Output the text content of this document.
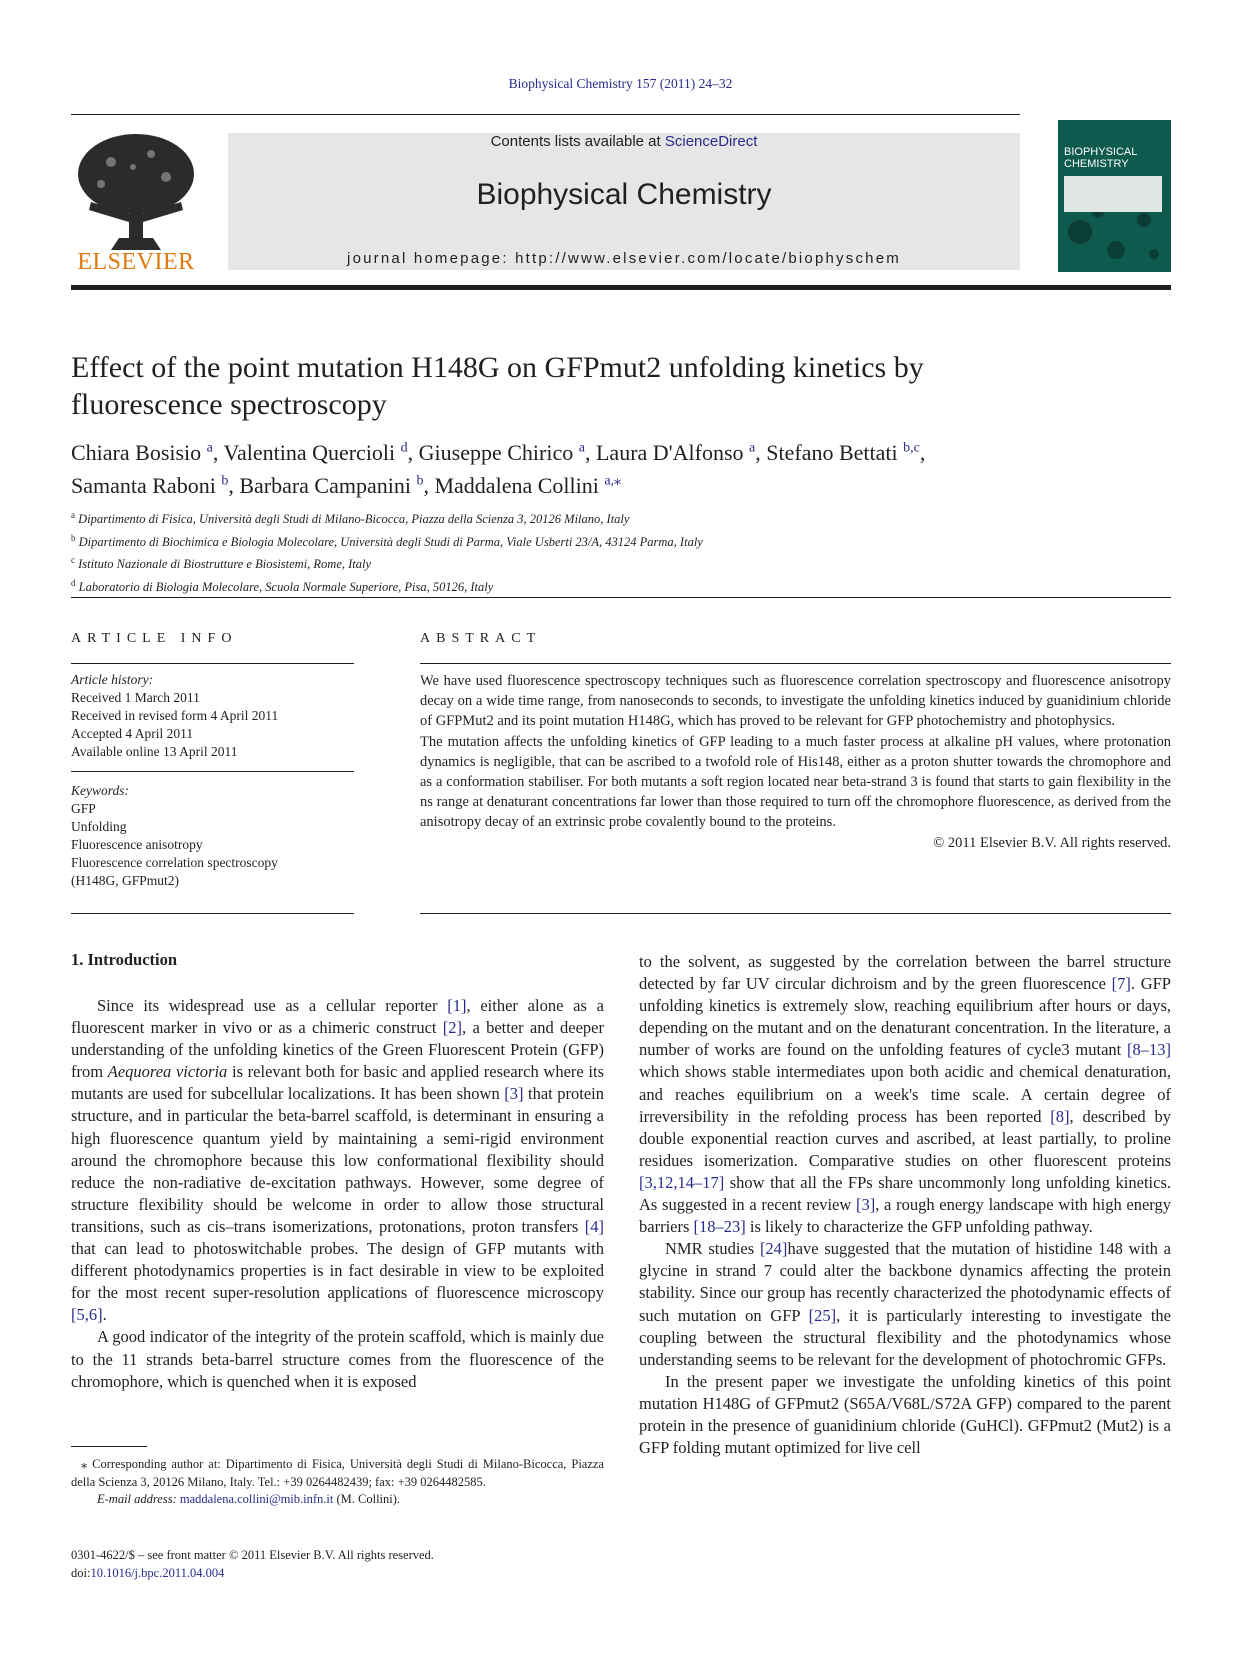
Biophysical Chemistry 157 (2011) 24–32
ELSEVIER
Contents lists available at ScienceDirect
Biophysical Chemistry
journal homepage: http://www.elsevier.com/locate/biophyschem
BIOPHYSICAL CHEMISTRY
Effect of the point mutation H148G on GFPmut2 unfolding kinetics by
fluorescence spectroscopy
Chiara Bosisio $^a$, Valentina Quercioli $^d$, Giuseppe Chirico $^a$, Laura D'Alfonso $^a$, Stefano Bettati $^{b,c}$,
Samanta Raboni $^b$, Barbara Campanini $^b$, Maddalena Collini $^{a,⁎}$
$^a$ Dipartimento di Fisica, Università degli Studi di Milano-Bicocca, Piazza della Scienza 3, 20126 Milano, Italy
$^b$ Dipartimento di Biochimica e Biologia Molecolare, Università degli Studi di Parma, Viale Usberti 23/A, 43124 Parma, Italy
$^c$ Istituto Nazionale di Biostrutture e Biosistemi, Rome, Italy
$^d$ Laboratorio di Biologia Molecolare, Scuola Normale Superiore, Pisa, 50126, Italy
ARTICLE INFO
Article history:
Received 1 March 2011
Received in revised form 4 April 2011
Accepted 4 April 2011
Available online 13 April 2011
Keywords:
GFP
Unfolding
Fluorescence anisotropy
Fluorescence correlation spectroscopy
(H148G, GFPmut2)
ABSTRACT

We have used fluorescence spectroscopy techniques such as fluorescence correlation spectroscopy and fluorescence anisotropy decay on a wide time range, from nanoseconds to seconds, to investigate the unfolding kinetics induced by guanidinium chloride of GFPMut2 and its point mutation H148G, which has proved to be relevant for GFP photochemistry and photophysics.

The mutation affects the unfolding kinetics of GFP leading to a much faster process at alkaline pH values, where protonation dynamics is negligible, that can be ascribed to a twofold role of His148, either as a proton shutter towards the chromophore and as a conformation stabiliser. For both mutants a soft region located near beta-strand 3 is found that starts to gain flexibility in the ns range at denaturant concentrations far lower than those required to turn off the chromophore fluorescence, as derived from the anisotropy decay of an extrinsic probe covalently bound to the proteins.

© 2011 Elsevier B.V. All rights reserved.

1. Introduction

Since its widespread use as a cellular reporter [1], either alone as a fluorescent marker in vivo or as a chimeric construct [2], a better and deeper understanding of the unfolding kinetics of the Green Fluorescent Protein (GFP) from Aequorea victoria is relevant both for basic and applied research where its mutants are used for subcellular localizations. It has been shown [3] that protein structure, and in particular the beta-barrel scaffold, is determinant in ensuring a high fluorescence quantum yield by maintaining a semi-rigid environment around the chromophore because this low conformational flexibility should reduce the non-radiative de-excitation pathways. However, some degree of structure flexibility should be welcome in order to allow those structural transitions, such as cis–trans isomerizations, protonations, proton transfers [4] that can lead to photoswitchable probes. The design of GFP mutants with different photodynamics properties is in fact desirable in view to be exploited for the most recent super-resolution applications of fluorescence microscopy [5,6].

A good indicator of the integrity of the protein scaffold, which is mainly due to the 11 strands beta-barrel structure comes from the fluorescence of the chromophore, which is quenched when it is exposed

to the solvent, as suggested by the correlation between the barrel structure detected by far UV circular dichroism and by the green fluorescence [7]. GFP unfolding kinetics is extremely slow, reaching equilibrium after hours or days, depending on the mutant and on the denaturant concentration. In the literature, a number of works are found on the unfolding features of cycle3 mutant [8–13] which shows stable intermediates upon both acidic and chemical denaturation, and reaches equilibrium on a week's time scale. A certain degree of irreversibility in the refolding process has been reported [8], described by double exponential reaction curves and ascribed, at least partially, to proline residues isomerization. Comparative studies on other fluorescent proteins [3,12,14–17] show that all the FPs share uncommonly long unfolding kinetics. As suggested in a recent review [3], a rough energy landscape with high energy barriers [18–23] is likely to characterize the GFP unfolding pathway.

NMR studies [24]have suggested that the mutation of histidine 148 with a glycine in strand 7 could alter the backbone dynamics affecting the protein stability. Since our group has recently characterized the photodynamic effects of such mutation on GFP [25], it is particularly interesting to investigate the coupling between the structural flexibility and the photodynamics whose understanding seems to be relevant for the development of photochromic GFPs.

In the present paper we investigate the unfolding kinetics of this point mutation H148G of GFPmut2 (S65A/V68L/S72A GFP) compared to the parent protein in the presence of guanidinium chloride (GuHCl). GFPmut2 (Mut2) is a GFP folding mutant optimized for live cell

⁎ Corresponding author at: Dipartimento di Fisica, Università degli Studi di Milano-Bicocca, Piazza della Scienza 3, 20126 Milano, Italy. Tel.: +39 0264482439; fax: +39 0264482585.

E-mail address: maddalena.collini@mib.infn.it (M. Collini).

0301-4622/$ – see front matter © 2011 Elsevier B.V. All rights reserved.
doi:10.1016/j.bpc.2011.04.004
